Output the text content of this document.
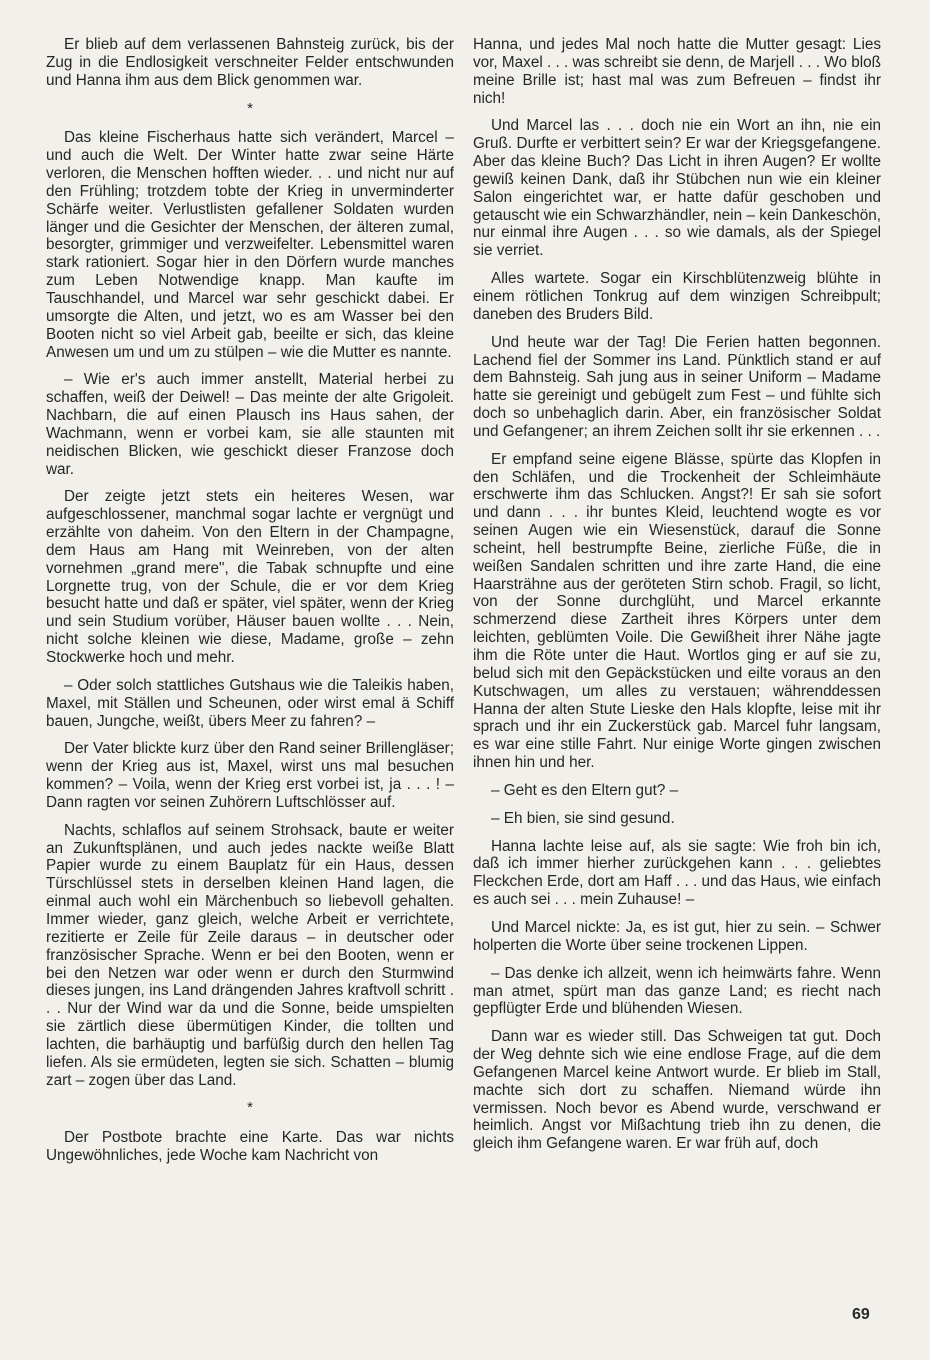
Er blieb auf dem verlassenen Bahnsteig zurück, bis der Zug in die Endlosigkeit verschneiter Felder entschwunden und Hanna ihm aus dem Blick genommen war.

*

Das kleine Fischerhaus hatte sich verändert, Marcel – und auch die Welt. Der Winter hatte zwar seine Härte verloren, die Menschen hofften wieder. . . und nicht nur auf den Frühling; trotzdem tobte der Krieg in unverminderter Schärfe weiter. Verlustlisten gefallener Soldaten wurden länger und die Gesichter der Menschen, der älteren zumal, besorgter, grimmiger und verzweifelter. Lebensmittel waren stark rationiert. Sogar hier in den Dörfern wurde manches zum Leben Notwendige knapp. Man kaufte im Tauschhandel, und Marcel war sehr geschickt dabei. Er umsorgte die Alten, und jetzt, wo es am Wasser bei den Booten nicht so viel Arbeit gab, beeilte er sich, das kleine Anwesen um und um zu stülpen – wie die Mutter es nannte.

– Wie er's auch immer anstellt, Material herbei zu schaffen, weiß der Deiwel! – Das meinte der alte Grigoleit. Nachbarn, die auf einen Plausch ins Haus sahen, der Wachmann, wenn er vorbei kam, sie alle staunten mit neidischen Blicken, wie geschickt dieser Franzose doch war.

Der zeigte jetzt stets ein heiteres Wesen, war aufgeschlossener, manchmal sogar lachte er vergnügt und erzählte von daheim. Von den Eltern in der Champagne, dem Haus am Hang mit Weinreben, von der alten vornehmen „grand mere", die Tabak schnupfte und eine Lorgnette trug, von der Schule, die er vor dem Krieg besucht hatte und daß er später, viel später, wenn der Krieg und sein Studium vorüber, Häuser bauen wollte . . . Nein, nicht solche kleinen wie diese, Madame, große – zehn Stockwerke hoch und mehr.

– Oder solch stattliches Gutshaus wie die Taleikis haben, Maxel, mit Ställen und Scheunen, oder wirst emal ä Schiff bauen, Jungche, weißt, übers Meer zu fahren? –

Der Vater blickte kurz über den Rand seiner Brillengläser; wenn der Krieg aus ist, Maxel, wirst uns mal besuchen kommen? – Voila, wenn der Krieg erst vorbei ist, ja . . . ! – Dann ragten vor seinen Zuhörern Luftschlösser auf.

Nachts, schlaflos auf seinem Strohsack, baute er weiter an Zukunftsplänen, und auch jedes nackte weiße Blatt Papier wurde zu einem Bauplatz für ein Haus, dessen Türschlüssel stets in derselben kleinen Hand lagen, die einmal auch wohl ein Märchenbuch so liebevoll gehalten. Immer wieder, ganz gleich, welche Arbeit er verrichtete, rezitierte er Zeile für Zeile daraus – in deutscher oder französischer Sprache. Wenn er bei den Booten, wenn er bei den Netzen war oder wenn er durch den Sturmwind dieses jungen, ins Land drängenden Jahres kraftvoll schritt . . . Nur der Wind war da und die Sonne, beide umspielten sie zärtlich diese übermütigen Kinder, die tollten und lachten, die barhäuptig und barfüßig durch den hellen Tag liefen. Als sie ermüdeten, legten sie sich. Schatten – blumig zart – zogen über das Land.

*

Der Postbote brachte eine Karte. Das war nichts Ungewöhnliches, jede Woche kam Nachricht von

Hanna, und jedes Mal noch hatte die Mutter gesagt: Lies vor, Maxel . . . was schreibt sie denn, de Marjell . . . Wo bloß meine Brille ist; hast mal was zum Befreuen – findst ihr nich!

Und Marcel las . . . doch nie ein Wort an ihn, nie ein Gruß. Durfte er verbittert sein? Er war der Kriegsgefangene. Aber das kleine Buch? Das Licht in ihren Augen? Er wollte gewiß keinen Dank, daß ihr Stübchen nun wie ein kleiner Salon eingerichtet war, er hatte dafür geschoben und getauscht wie ein Schwarzhändler, nein – kein Dankeschön, nur einmal ihre Augen . . . so wie damals, als der Spiegel sie verriet.

Alles wartete. Sogar ein Kirschblütenzweig blühte in einem rötlichen Tonkrug auf dem winzigen Schreibpult; daneben des Bruders Bild.

Und heute war der Tag! Die Ferien hatten begonnen. Lachend fiel der Sommer ins Land. Pünktlich stand er auf dem Bahnsteig. Sah jung aus in seiner Uniform – Madame hatte sie gereinigt und gebügelt zum Fest – und fühlte sich doch so unbehaglich darin. Aber, ein französischer Soldat und Gefangener; an ihrem Zeichen sollt ihr sie erkennen . . .

Er empfand seine eigene Blässe, spürte das Klopfen in den Schläfen, und die Trockenheit der Schleimhäute erschwerte ihm das Schlucken. Angst?! Er sah sie sofort und dann . . . ihr buntes Kleid, leuchtend wogte es vor seinen Augen wie ein Wiesenstück, darauf die Sonne scheint, hell bestrumpfte Beine, zierliche Füße, die in weißen Sandalen schritten und ihre zarte Hand, die eine Haarsträhne aus der geröteten Stirn schob. Fragil, so licht, von der Sonne durchglüht, und Marcel erkannte schmerzend diese Zartheit ihres Körpers unter dem leichten, geblümten Voile. Die Gewißheit ihrer Nähe jagte ihm die Röte unter die Haut. Wortlos ging er auf sie zu, belud sich mit den Gepäckstücken und eilte voraus an den Kutschwagen, um alles zu verstauen; währenddessen Hanna der alten Stute Lieske den Hals klopfte, leise mit ihr sprach und ihr ein Zuckerstück gab. Marcel fuhr langsam, es war eine stille Fahrt. Nur einige Worte gingen zwischen ihnen hin und her.

– Geht es den Eltern gut? –

– Eh bien, sie sind gesund.

Hanna lachte leise auf, als sie sagte: Wie froh bin ich, daß ich immer hierher zurückgehen kann . . . geliebtes Fleckchen Erde, dort am Haff . . . und das Haus, wie einfach es auch sei . . . mein Zuhause! –

Und Marcel nickte: Ja, es ist gut, hier zu sein. – Schwer holperten die Worte über seine trockenen Lippen.

– Das denke ich allzeit, wenn ich heimwärts fahre. Wenn man atmet, spürt man das ganze Land; es riecht nach gepflügter Erde und blühenden Wiesen.

Dann war es wieder still. Das Schweigen tat gut. Doch der Weg dehnte sich wie eine endlose Frage, auf die dem Gefangenen Marcel keine Antwort wurde. Er blieb im Stall, machte sich dort zu schaffen. Niemand würde ihn vermissen. Noch bevor es Abend wurde, verschwand er heimlich. Angst vor Mißachtung trieb ihn zu denen, die gleich ihm Gefangene waren. Er war früh auf, doch

69
